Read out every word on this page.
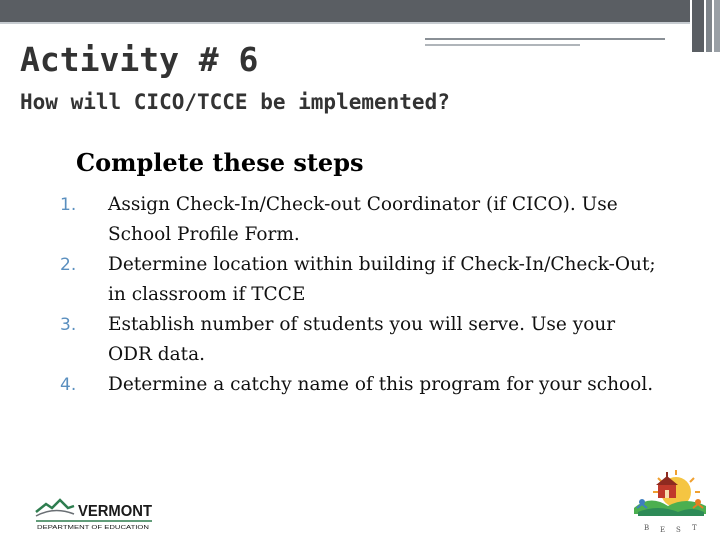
Activity # 6
How will CICO/TCCE be implemented?
Complete these steps
1.	Assign Check-In/Check-out Coordinator (if CICO). Use School Profile Form.
2.	Determine location within building if Check-In/Check-Out; in classroom if TCCE
3.	Establish number of students you will serve. Use your ODR data.
4.	Determine a catchy name of this program for your school.
VERMONT
DEPARTMENT OF EDUCATION	B E S T
